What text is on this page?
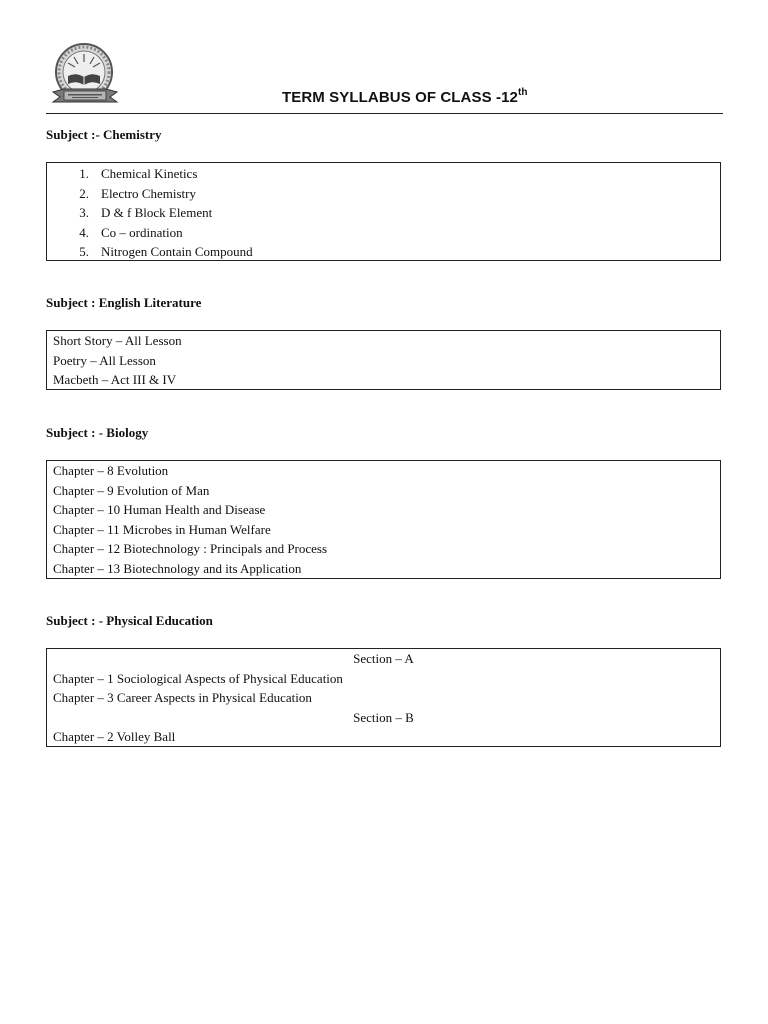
TERM SYLLABUS OF CLASS -12th
Subject :- Chemistry
1. Chemical Kinetics
2. Electro Chemistry
3. D & f Block Element
4. Co – ordination
5. Nitrogen Contain Compound
Subject : English Literature
Short Story – All Lesson
Poetry – All Lesson
Macbeth – Act III & IV
Subject : - Biology
Chapter – 8 Evolution
Chapter – 9 Evolution of Man
Chapter – 10 Human Health and Disease
Chapter – 11 Microbes in Human Welfare
Chapter – 12 Biotechnology : Principals and Process
Chapter – 13 Biotechnology and its Application
Subject : - Physical Education
Section – A
Chapter – 1 Sociological Aspects of Physical Education
Chapter – 3 Career Aspects in Physical Education
Section – B
Chapter – 2 Volley Ball
